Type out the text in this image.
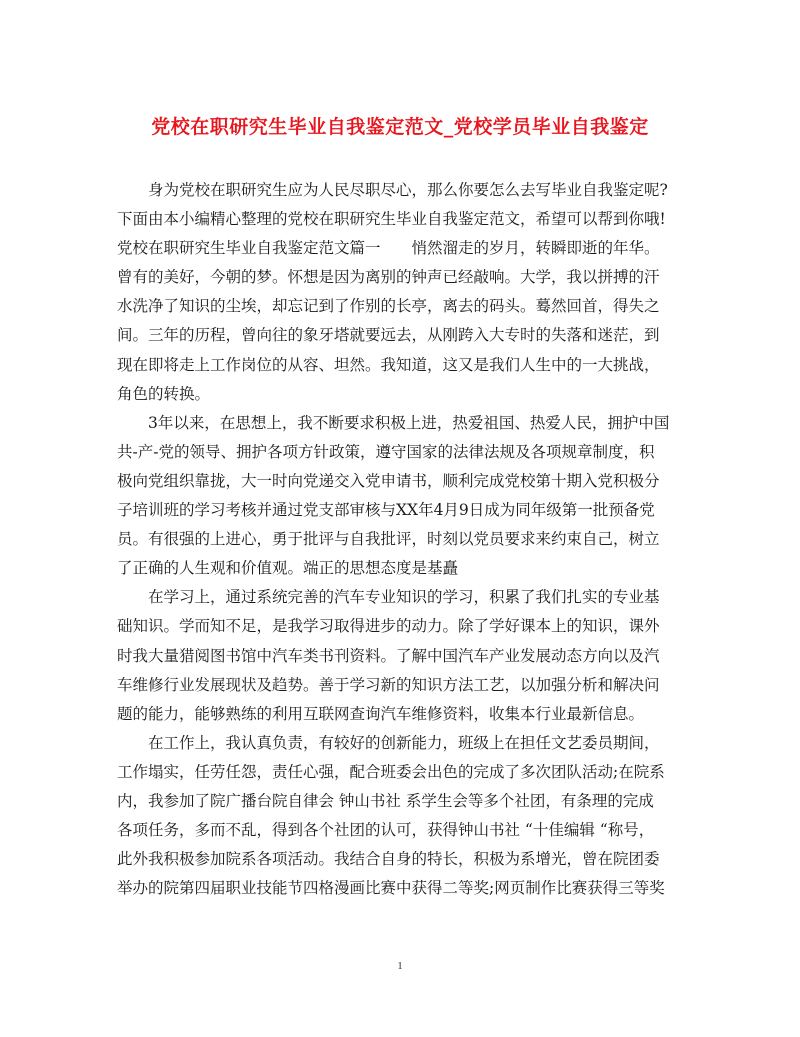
党校在职研究生毕业自我鉴定范文_党校学员毕业自我鉴定

身为党校在职研究生应为人民尽职尽心，那么你要怎么去写毕业自我鉴定呢?
下面由本小编精心整理的党校在职研究生毕业自我鉴定范文，希望可以帮到你哦!
党校在职研究生毕业自我鉴定范文篇一　　悄然溜走的岁月，转瞬即逝的年华。
曾有的美好，今朝的梦。怀想是因为离别的钟声已经敲响。大学，我以拼搏的汗
水洗净了知识的尘埃，却忘记到了作别的长亭，离去的码头。蓦然回首，得失之
间。三年的历程，曾向往的象牙塔就要远去，从刚跨入大专时的失落和迷茫，到
现在即将走上工作岗位的从容、坦然。我知道，这又是我们人生中的一大挑战，
角色的转换。

3年以来，在思想上，我不断要求积极上进，热爱祖国、热爱人民，拥护中国
共-产-党的领导、拥护各项方针政策，遵守国家的法律法规及各项规章制度，积
极向党组织靠拢，大一时向党递交入党申请书，顺利完成党校第十期入党积极分
子培训班的学习考核并通过党支部审核与XX年4月9日成为同年级第一批预备党
员。有很强的上进心，勇于批评与自我批评，时刻以党员要求来约束自己，树立
了正确的人生观和价值观。端正的思想态度是基矗

在学习上，通过系统完善的汽车专业知识的学习，积累了我们扎实的专业基
础知识。学而知不足，是我学习取得进步的动力。除了学好课本上的知识，课外
时我大量猎阅图书馆中汽车类书刊资料。了解中国汽车产业发展动态方向以及汽
车维修行业发展现状及趋势。善于学习新的知识方法工艺，以加强分析和解决问
题的能力，能够熟练的利用互联网查询汽车维修资料，收集本行业最新信息。

在工作上，我认真负责，有较好的创新能力，班级上在担任文艺委员期间，
工作塌实，任劳任怨，责任心强，配合班委会出色的完成了多次团队活动;在院系
内，我参加了院广播台院自律会 钟山书社 系学生会等多个社团，有条理的完成
各项任务，多而不乱，得到各个社团的认可，获得钟山书社 “十佳编辑 “称号，
此外我积极参加院系各项活动。我结合自身的特长，积极为系增光，曾在院团委
举办的院第四届职业技能节四格漫画比赛中获得二等奖;网页制作比赛获得三等奖

1
